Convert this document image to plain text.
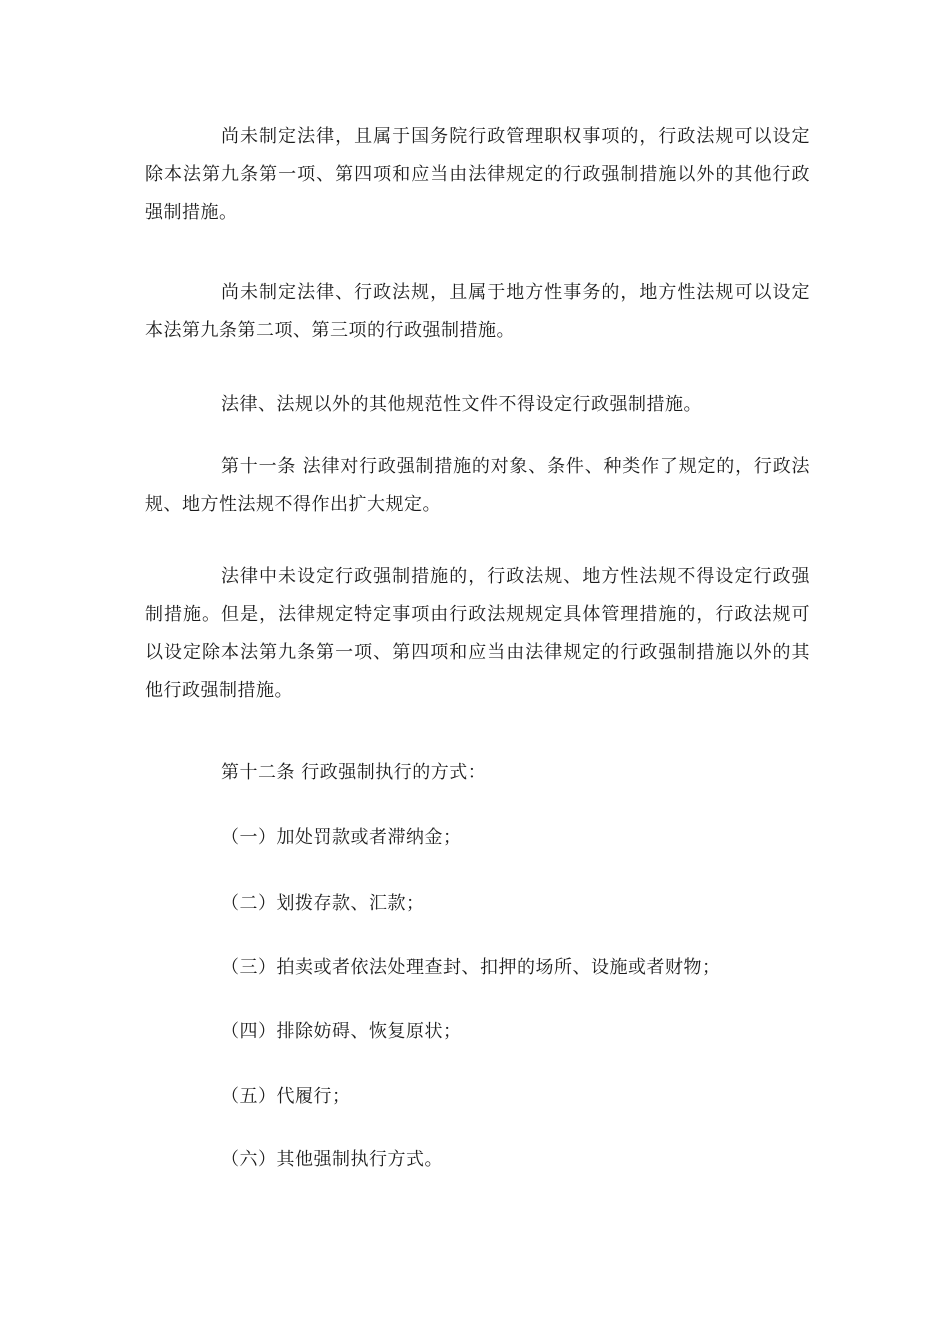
尚未制定法律，且属于国务院行政管理职权事项的，行政法规可以设定除本法第九条第一项、第四项和应当由法律规定的行政强制措施以外的其他行政强制措施。

尚未制定法律、行政法规，且属于地方性事务的，地方性法规可以设定本法第九条第二项、第三项的行政强制措施。

法律、法规以外的其他规范性文件不得设定行政强制措施。

第十一条 法律对行政强制措施的对象、条件、种类作了规定的，行政法规、地方性法规不得作出扩大规定。

法律中未设定行政强制措施的，行政法规、地方性法规不得设定行政强制措施。但是，法律规定特定事项由行政法规规定具体管理措施的，行政法规可以设定除本法第九条第一项、第四项和应当由法律规定的行政强制措施以外的其他行政强制措施。

第十二条 行政强制执行的方式：

（一）加处罚款或者滞纳金；

（二）划拨存款、汇款；

（三）拍卖或者依法处理查封、扣押的场所、设施或者财物；

（四）排除妨碍、恢复原状；

（五）代履行；

（六）其他强制执行方式。
